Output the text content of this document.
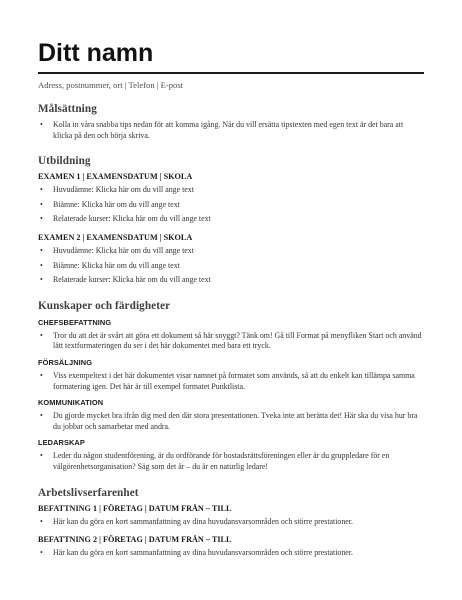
Ditt namn
Adress, postnummer, ort | Telefon | E-post
Målsättning
• Kolla in våra snabba tips nedan för att komma igång. När du vill ersätta tipstexten med egen text är det bara att klicka på den och börja skriva.
Utbildning
EXAMEN 1 | EXAMENSDATUM | SKOLA
• Huvudämne: Klicka här om du vill ange text
• Biämne: Klicka här om du vill ange text
• Relaterade kurser: Klicka här om du vill ange text
EXAMEN 2 | EXAMENSDATUM | SKOLA
• Huvudämne: Klicka här om du vill ange text
• Biämne: Klicka här om du vill ange text
• Relaterade kurser: Klicka här om du vill ange text
Kunskaper och färdigheter
CHEFSBEFATTNING
• Tror du att det är svårt att göra ett dokument så här snyggt? Tänk om! Gå till Format på menyfliken Start och använd lätt textformateringen du ser i det här dokumentet med bara ett tryck.
FÖRSÄLJNING
• Viss exempeltext i det här dokumentet visar namnet på formatet som används, så att du enkelt kan tillämpa samma formatering igen. Det här är till exempel formatet Punktlista.
KOMMUNIKATION
• Du gjorde mycket bra ifrån dig med den där stora presentationen. Tveka inte att berätta det! Här ska du visa hur bra du jobbar och samarbetar med andra.
LEDARSKAP
• Leder du någon studentförening, är du ordförande för bostadsrättsföreningen eller är du gruppledare för en välgörenhetsorganisation? Säg som det är – du är en naturlig ledare!
Arbetslivserfarenhet
BEFATTNING 1 | FÖRETAG | DATUM FRÅN – TILL
• Här kan du göra en kort sammanfattning av dina huvudansvarsområden och större prestationer.
BEFATTNING 2 | FÖRETAG | DATUM FRÅN – TILL
• Här kan du göra en kort sammanfattning av dina huvudansvarsområden och större prestationer.
